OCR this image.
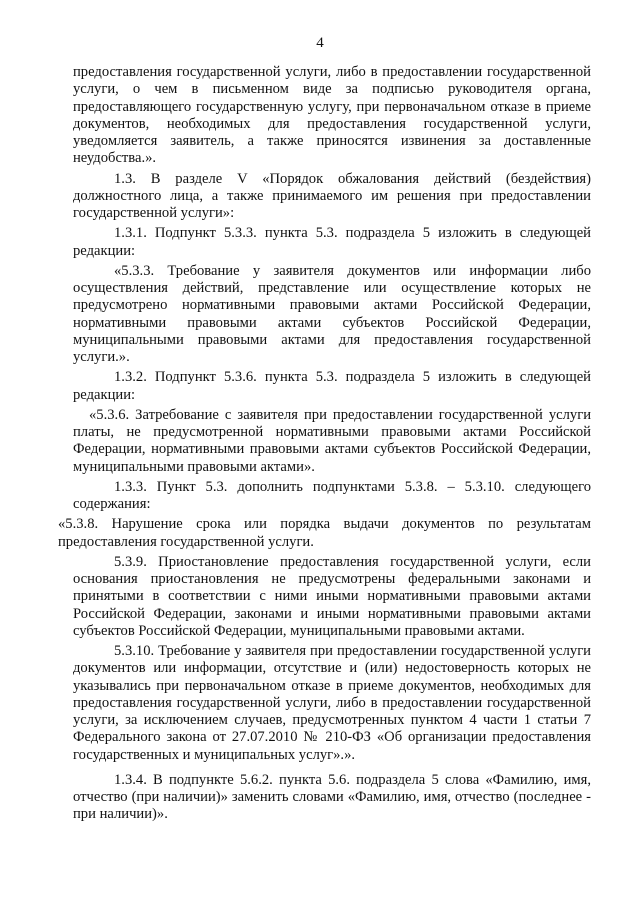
4

предоставления государственной услуги, либо в предоставлении государственной услуги, о чем в письменном виде за подписью руководителя органа, предоставляющего государственную услугу, при первоначальном отказе в приеме документов, необходимых для предоставления государственной услуги, уведомляется заявитель, а также приносятся извинения за доставленные неудобства.».

1.3. В разделе V «Порядок обжалования действий (бездействия) должностного лица, а также принимаемого им решения при предоставлении государственной услуги»:

1.3.1. Подпункт 5.3.3. пункта 5.3. подраздела 5 изложить в следующей редакции:

«5.3.3. Требование у заявителя документов или информации либо осуществления действий, представление или осуществление которых не предусмотрено нормативными правовыми актами Российской Федерации, нормативными правовыми актами субъектов Российской Федерации, муниципальными правовыми актами для предоставления государственной услуги.».

1.3.2. Подпункт 5.3.6. пункта 5.3. подраздела 5 изложить в следующей редакции:

«5.3.6. Затребование с заявителя при предоставлении государственной услуги платы, не предусмотренной нормативными правовыми актами Российской Федерации, нормативными правовыми актами субъектов Российской Федерации, муниципальными правовыми актами».

1.3.3. Пункт 5.3. дополнить подпунктами 5.3.8. – 5.3.10. следующего содержания:

«5.3.8. Нарушение срока или порядка выдачи документов по результатам предоставления государственной услуги.

5.3.9. Приостановление предоставления государственной услуги, если основания приостановления не предусмотрены федеральными законами и принятыми в соответствии с ними иными нормативными правовыми актами Российской Федерации, законами и иными нормативными правовыми актами субъектов Российской Федерации, муниципальными правовыми актами.

5.3.10. Требование у заявителя при предоставлении государственной услуги документов или информации, отсутствие и (или) недостоверность которых не указывались при первоначальном отказе в приеме документов, необходимых для предоставления государственной услуги, либо в предоставлении государственной услуги, за исключением случаев, предусмотренных пунктом 4 части 1 статьи 7 Федерального закона от 27.07.2010 № 210-ФЗ «Об организации предоставления государственных и муниципальных услуг».».

1.3.4. В подпункте 5.6.2. пункта 5.6. подраздела 5 слова «Фамилию, имя, отчество (при наличии)» заменить словами «Фамилию, имя, отчество (последнее - при наличии)».
